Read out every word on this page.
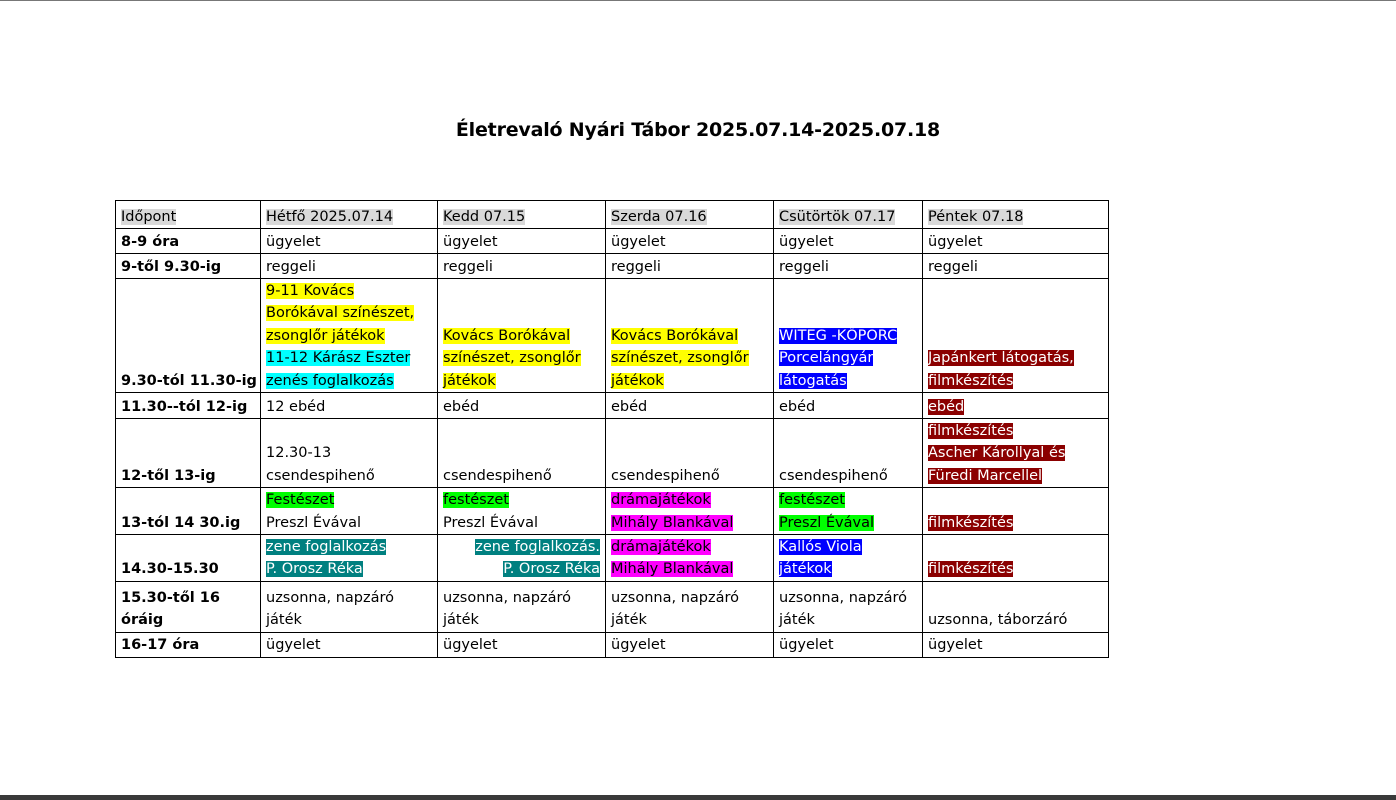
Életrevaló Nyári Tábor 2025.07.14-2025.07.18
Időpont	Hétfő 2025.07.14	Kedd 07.15	Szerda 07.16	Csütörtök 07.17	Péntek 07.18

8-9 óra	ügyelet	ügyelet	ügyelet	ügyelet	ügyelet

9-től 9.30-ig	reggeli	reggeli	reggeli	reggeli	reggeli

9.30-tól 11.30-ig	9-11 Kovács
Borókával színészet,
zsonglőr játékok
11-12 Kárász Eszter
zenés foglalkozás	Kovács Borókával
színészet, zsonglőr
játékok	Kovács Borókával
színészet, zsonglőr
játékok	WITEG -KŐPORC
Porcelángyár
látogatás	Japánkert látogatás,
filmkészítés

11.30--tól 12-ig	12 ebéd	ebéd	ebéd	ebéd	ebéd

12-től 13-ig	12.30-13
csendespihenő	csendespihenő	csendespihenő	csendespihenő	filmkészítés
Ascher Károllyal és
Füredi Marcellel

13-tól 14 30.ig	Festészet
Preszl Évával	festészet
Preszl Évával	drámajátékok
Mihály Blankával	festészet
Preszl Évával	filmkészítés

14.30-15.30	zene foglalkozás
P. Orosz Réka	zene foglalkozás.
P. Orosz Réka	drámajátékok
Mihály Blankával	Kallós Viola
játékok	filmkészítés

15.30-től 16
óráig	uzsonna, napzáró
játék	uzsonna, napzáró
játék	uzsonna, napzáró
játék	uzsonna, napzáró
játék	uzsonna, táborzáró

16-17 óra	ügyelet	ügyelet	ügyelet	ügyelet	ügyelet
